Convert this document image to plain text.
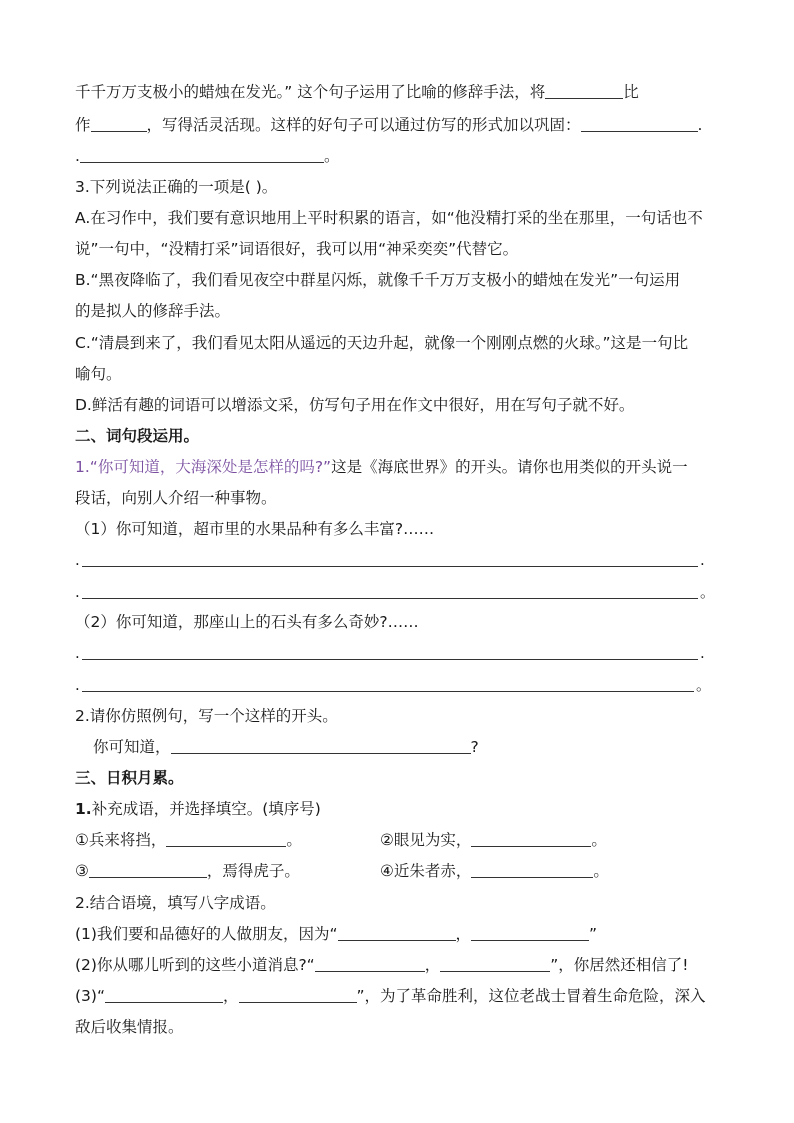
千千万万支极小的蜡烛在发光。” 这个句子运用了比喻的修辞手法，将	比
作	，写得活灵活现。这样的好句子可以通过仿写的形式加以巩固：	.
.	。
3.下列说法正确的一项是( )。
A.在习作中，我们要有意识地用上平时积累的语言，如“他没精打采的坐在那里，一句话也不
说”一句中，“没精打采”词语很好，我可以用“神采奕奕”代替它。
B.“黑夜降临了，我们看见夜空中群星闪烁，就像千千万万支极小的蜡烛在发光”一句运用
的是拟人的修辞手法。
C.“清晨到来了，我们看见太阳从遥远的天边升起，就像一个刚刚点燃的火球。”这是一句比
喻句。
D.鲜活有趣的词语可以增添文采，仿写句子用在作文中很好，用在写句子就不好。
二、词句段运用。
1.“你可知道，大海深处是怎样的吗?”这是《海底世界》的开头。请你也用类似的开头说一
段话，向别人介绍一种事物。
（1）你可知道，超市里的水果品种有多么丰富?……
.	.
.	。
（2）你可知道，那座山上的石头有多么奇妙?……
.	.
.	。
2.请你仿照例句，写一个这样的开头。
你可知道，	?
三、日积月累。
1.补充成语，并选择填空。(填序号)
①兵来将挡，	。	②眼见为实，	。
③	，焉得虎子。	④近朱者赤，	。
2.结合语境，填写八字成语。
(1)我们要和品德好的人做朋友，因为“	，	”
(2)你从哪儿听到的这些小道消息?“	，	”，你居然还相信了!
(3)“	，	”，为了革命胜利，这位老战士冒着生命危险，深入
敌后收集情报。
